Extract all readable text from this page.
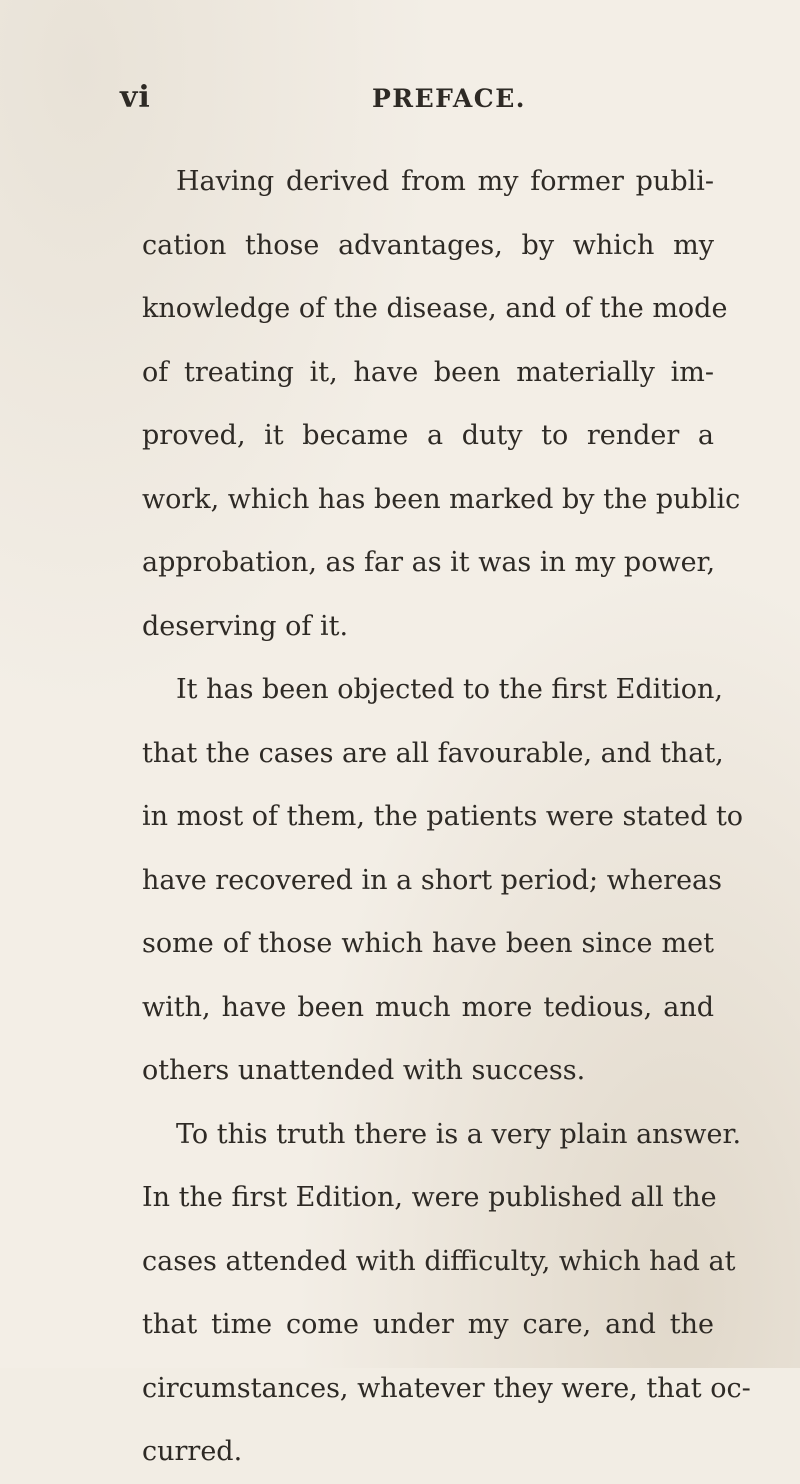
vi	PREFACE.
Having derived from my former publi-
cation those advantages, by which my
knowledge of the disease, and of the mode
of treating it, have been materially im-
proved, it became a duty to render a
work, which has been marked by the public
approbation, as far as it was in my power,
deserving of it.
It has been objected to the first Edition,
that the cases are all favourable, and that,
in most of them, the patients were stated to
have recovered in a short period; whereas
some of those which have been since met
with, have been much more tedious, and
others unattended with success.
To this truth there is a very plain answer.
In the first Edition, were published all the
cases attended with difficulty, which had at
that time come under my care, and the
circumstances, whatever they were, that oc-
curred.
